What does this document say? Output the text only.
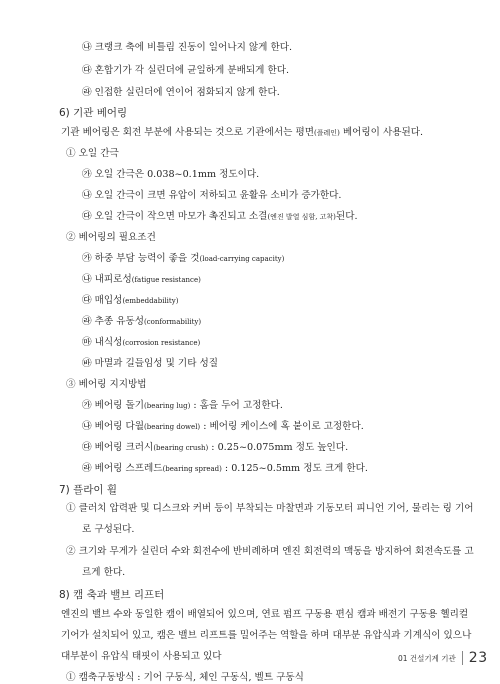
㉯ 크랭크 축에 비틀림 진동이 일어나지 않게 한다.
㉰ 혼합기가 각 실린더에 균일하게 분배되게 한다.
㉱ 인접한 실린더에 연이어 점화되지 않게 한다.
6) 기관 베어링
기관 베어링은 회전 부분에 사용되는 것으로 기관에서는 평면(플레인) 베어링이 사용된다.
① 오일 간극
㉮ 오일 간극은 0.038~0.1mm 정도이다.
㉯ 오일 간극이 크면 유압이 저하되고 윤활유 소비가 증가한다.
㉰ 오일 간극이 작으면 마모가 촉진되고 소결(엔진 발열 심함, 고착)된다.
② 베어링의 필요조건
㉮ 하중 부담 능력이 좋을 것(load-carrying capacity)
㉯ 내피로성(fatigue resistance)
㉰ 매입성(embeddability)
㉱ 추종 유동성(conformability)
㉲ 내식성(corrosion resistance)
㉳ 마멸과 길들임성 및 기타 성질
③ 베어링 지지방법
㉮ 베어링 돌기(bearing lug) : 홈을 두어 고정한다.
㉯ 베어링 다월(bearing dowel) : 베어링 케이스에 혹 붙이로 고정한다.
㉰ 베어링 크러시(bearing crush) : 0.25~0.075mm 정도 높인다.
㉱ 베어링 스프레드(bearing spread) : 0.125~0.5mm 정도 크게 한다.
7) 플라이 휠
① 클러치 압력판 및 디스크와 커버 등이 부착되는 마찰면과 기동모터 피니언 기어, 물리는 링 기어
로 구성된다.
② 크기와 무게가 실린더 수와 회전수에 반비례하며 엔진 회전력의 맥동을 방지하여 회전속도를 고
르게 한다.
8) 캠 축과 밸브 리프터
엔진의 밸브 수와 동일한 캠이 배열되어 있으며, 연료 펌프 구동용 편심 캠과 배전기 구동용 헬리컬
기어가 설치되어 있고, 캠은 밸브 리프트를 밀어주는 역할을 하며 대부분 유압식과 기계식이 있으나
대부분이 유압식 태핏이 사용되고 있다
① 캠축구동방식 : 기어 구동식, 체인 구동식, 벨트 구동식
01 건설기계 기관 23
